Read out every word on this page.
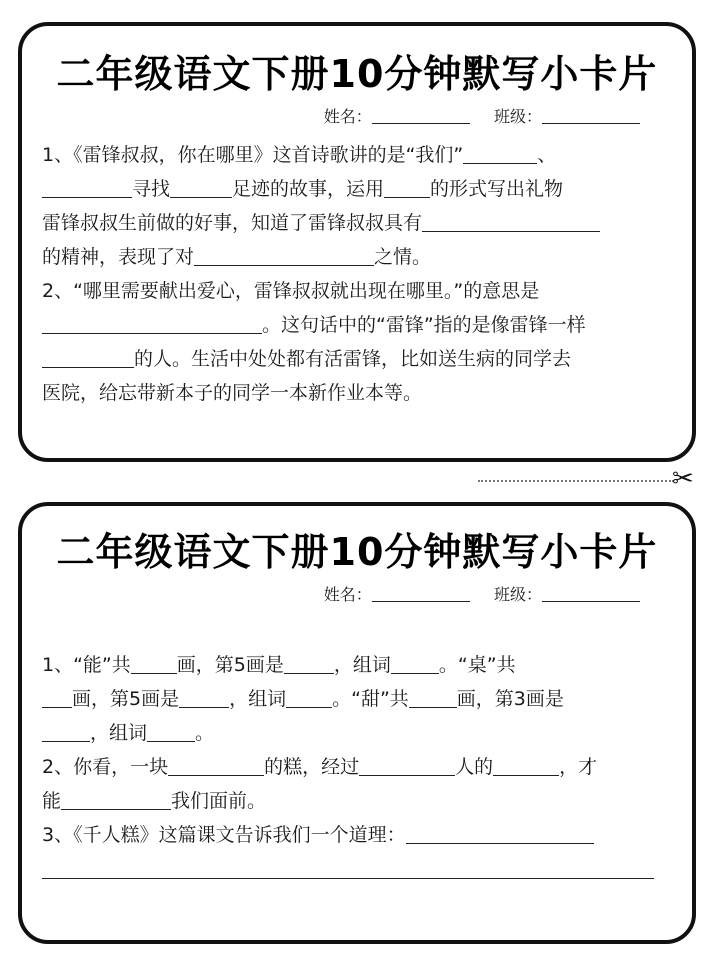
二年级语文下册10分钟默写小卡片
姓名：	班级：

1、《雷锋叔叔，你在哪里》这首诗歌讲的是“我们”	、

寻找	足迹的故事，运用 的形式写出礼物

雷锋叔叔生前做的好事，知道了雷锋叔叔具有

的精神，表现了对	之情。

2、“哪里需要献出爱心，雷锋叔叔就出现在哪里。”的意思是

。这句话中的“雷锋”指的是像雷锋一样

的人。生活中处处都有活雷锋，比如送生病的同学去

医院，给忘带新本子的同学一本新作业本等。

✂
二年级语文下册10分钟默写小卡片
姓名：	班级：

1、“能”共 画，第5画是	，组词	。“桌”共

画，第5画是	，组词 。“甜”共	画，第3画是

，组词	。

2、你看，一块	的糕，经过	人的	，才

能	我们面前。

3、《千人糕》这篇课文告诉我们一个道理：
